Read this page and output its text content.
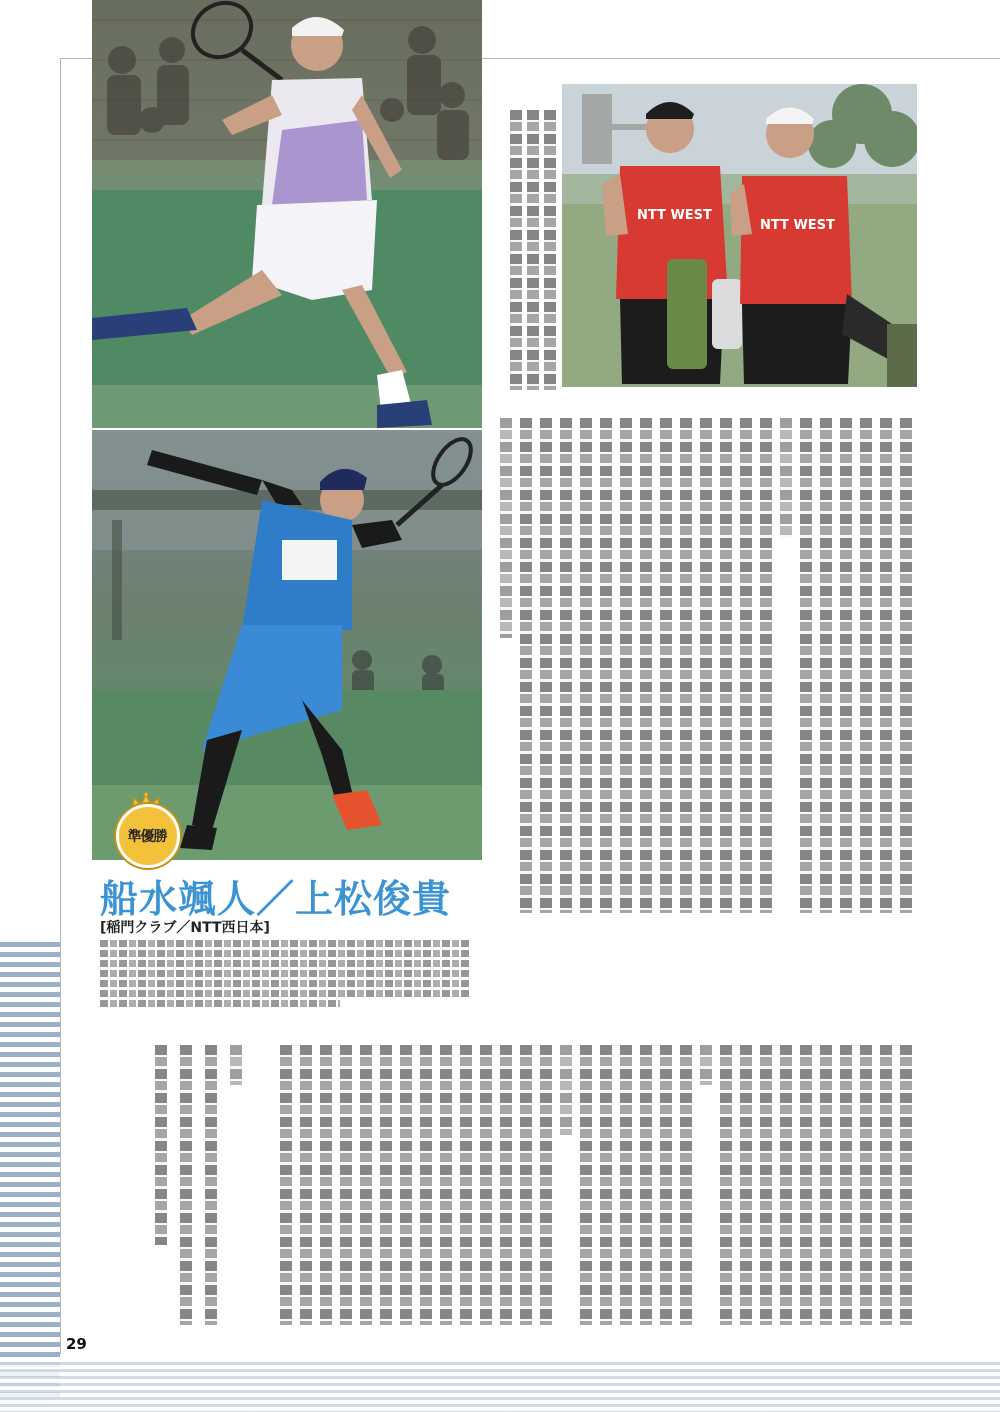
NTT WEST
NTT WEST
準優勝
船水颯人／上松俊貴
[稲門クラブ／NTT西日本]
29
